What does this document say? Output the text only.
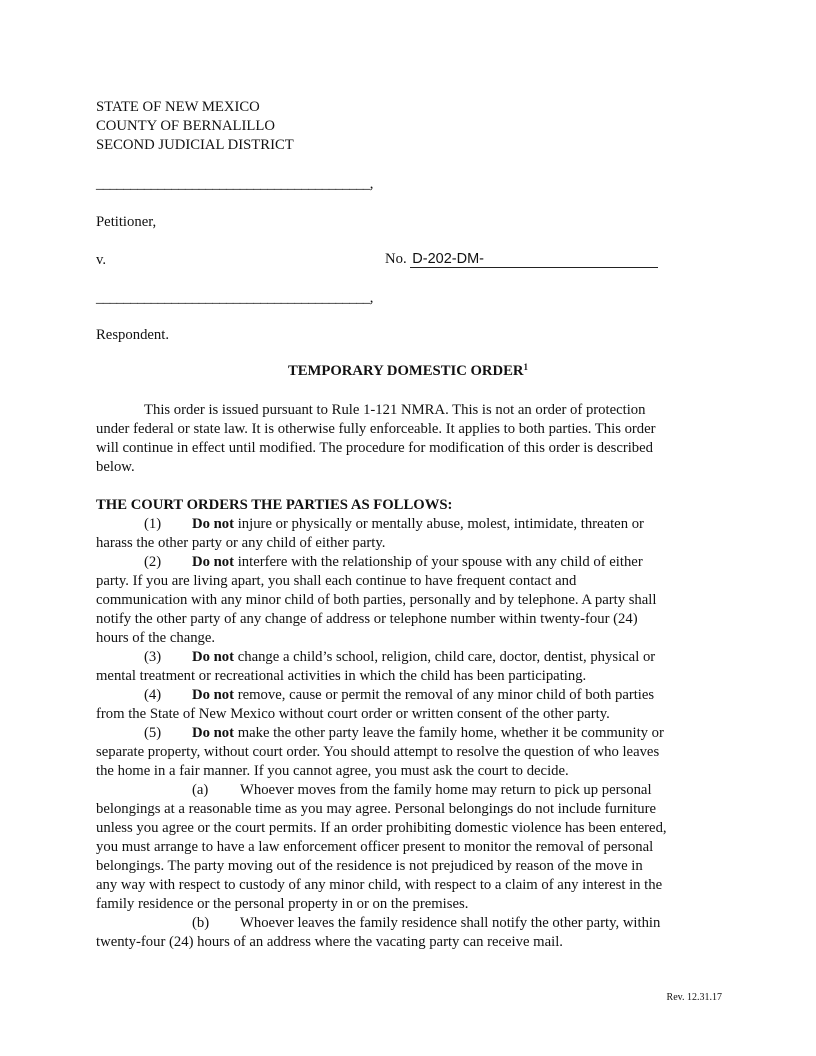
STATE OF NEW MEXICO
COUNTY OF BERNALILLO
SECOND JUDICIAL DISTRICT
________________________________________,
Petitioner,
v.	No. D-202-DM-
________________________________________,
Respondent.
TEMPORARY DOMESTIC ORDER$^1$
This order is issued pursuant to Rule 1-121 NMRA. This is not an order of protection
under federal or state law. It is otherwise fully enforceable. It applies to both parties. This order
will continue in effect until modified. The procedure for modification of this order is described
below.
THE COURT ORDERS THE PARTIES AS FOLLOWS:
(1) Do not injure or physically or mentally abuse, molest, intimidate, threaten or
harass the other party or any child of either party.
(2) Do not interfere with the relationship of your spouse with any child of either
party. If you are living apart, you shall each continue to have frequent contact and
communication with any minor child of both parties, personally and by telephone. A party shall
notify the other party of any change of address or telephone number within twenty-four (24)
hours of the change.
(3) Do not change a child’s school, religion, child care, doctor, dentist, physical or
mental treatment or recreational activities in which the child has been participating.
(4) Do not remove, cause or permit the removal of any minor child of both parties
from the State of New Mexico without court order or written consent of the other party.
(5) Do not make the other party leave the family home, whether it be community or
separate property, without court order. You should attempt to resolve the question of who leaves
the home in a fair manner. If you cannot agree, you must ask the court to decide.
(a) Whoever moves from the family home may return to pick up personal
belongings at a reasonable time as you may agree. Personal belongings do not include furniture
unless you agree or the court permits. If an order prohibiting domestic violence has been entered,
you must arrange to have a law enforcement officer present to monitor the removal of personal
belongings. The party moving out of the residence is not prejudiced by reason of the move in
any way with respect to custody of any minor child, with respect to a claim of any interest in the
family residence or the personal property in or on the premises.
(b) Whoever leaves the family residence shall notify the other party, within
twenty-four (24) hours of an address where the vacating party can receive mail.
Rev. 12.31.17
